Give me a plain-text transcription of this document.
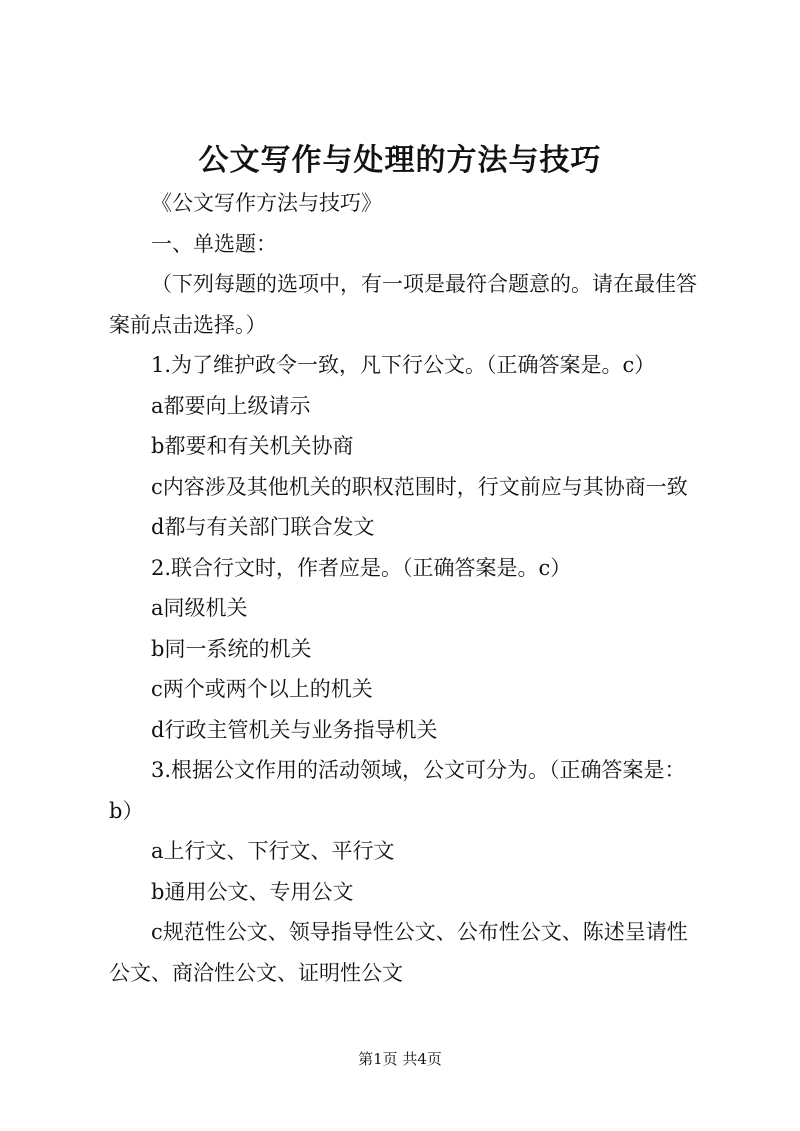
公文写作与处理的方法与技巧

《公文写作方法与技巧》

一、单选题：

（下列每题的选项中，有一项是最符合题意的。请在最佳答案前点击选择。）

1.为了维护政令一致，凡下行公文。（正确答案是。c）

a都要向上级请示

b都要和有关机关协商

c内容涉及其他机关的职权范围时，行文前应与其协商一致

d都与有关部门联合发文

2.联合行文时，作者应是。（正确答案是。c）

a同级机关

b同一系统的机关

c两个或两个以上的机关

d行政主管机关与业务指导机关

3.根据公文作用的活动领域，公文可分为。（正确答案是：b）

a上行文、下行文、平行文

b通用公文、专用公文

c规范性公文、领导指导性公文、公布性公文、陈述呈请性公文、商洽性公文、证明性公文

第1页 共4页
